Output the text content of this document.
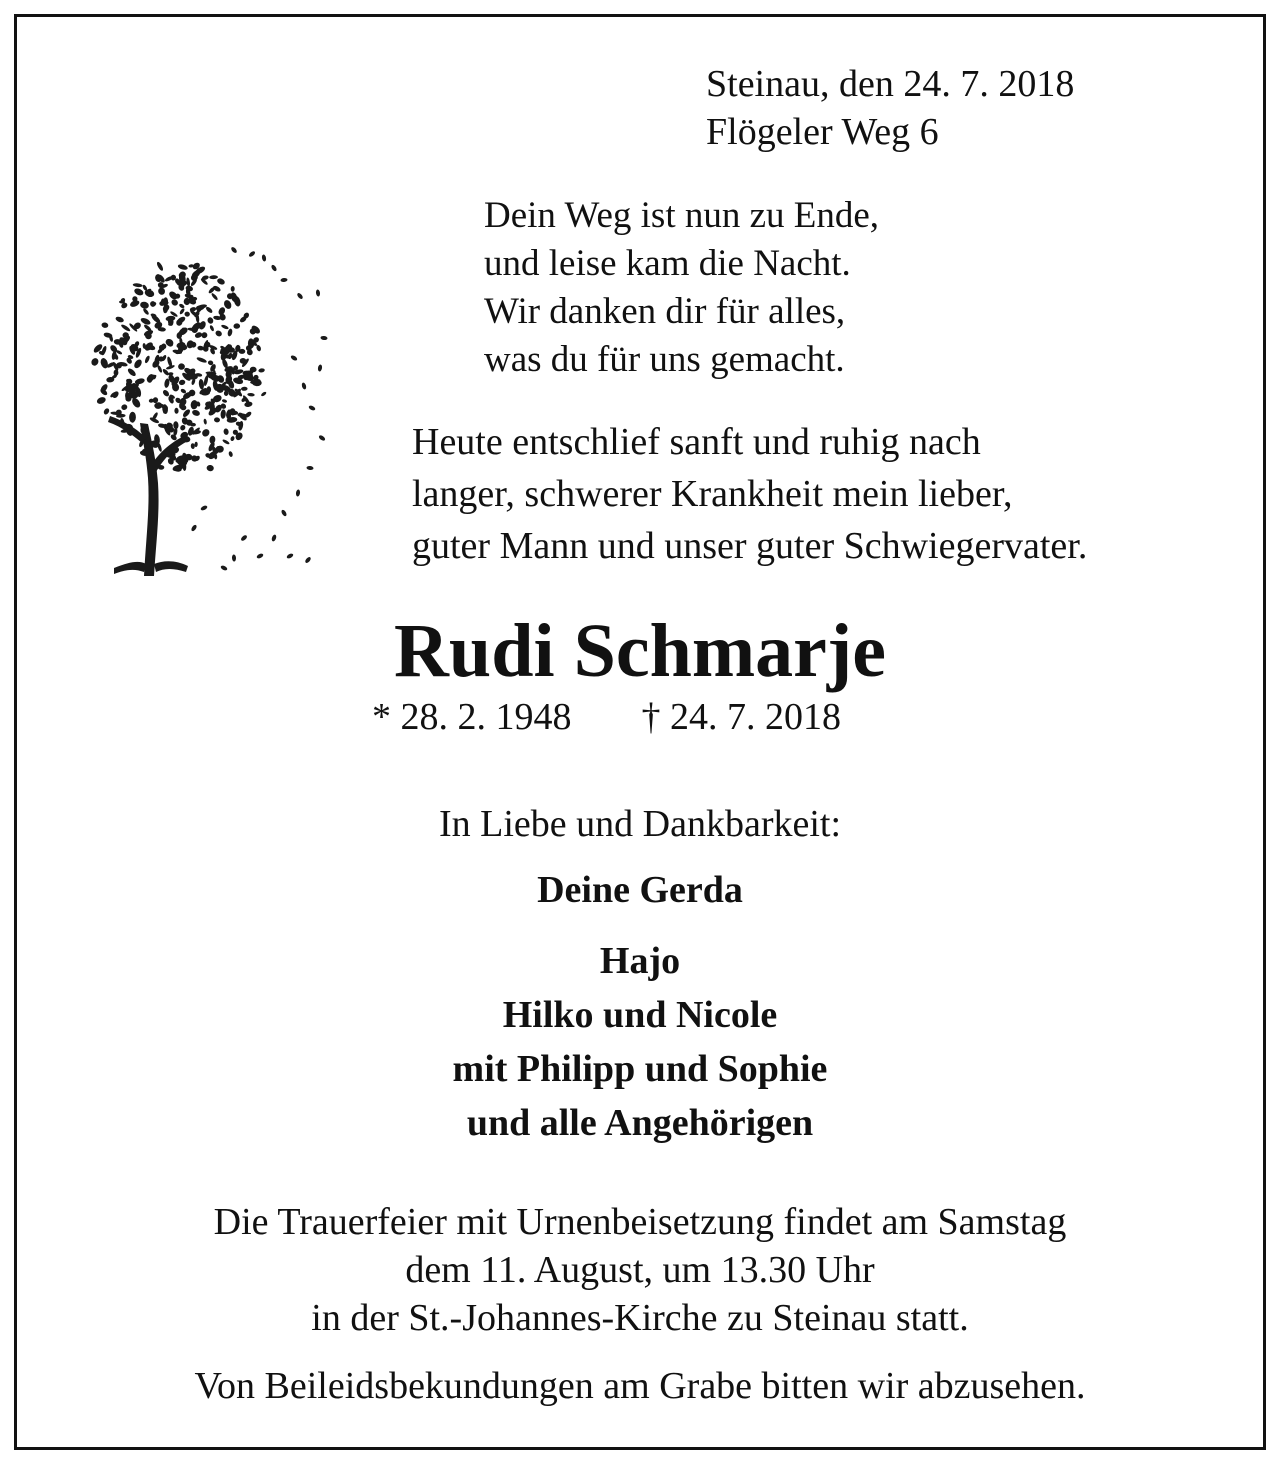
Steinau, den 24. 7. 2018
Flögeler Weg 6
Dein Weg ist nun zu Ende,
und leise kam die Nacht.
Wir danken dir für alles,
was du für uns gemacht.
Heute entschlief sanft und ruhig nach
langer, schwerer Krankheit mein lieber,
guter Mann und unser guter Schwiegervater.
Rudi Schmarje
* 28. 2. 1948 † 24. 7. 2018
In Liebe und Dankbarkeit:
Deine Gerda
Hajo
Hilko und Nicole
mit Philipp und Sophie
und alle Angehörigen
Die Trauerfeier mit Urnenbeisetzung findet am Samstag
dem 11. August, um 13.30 Uhr
in der St.-Johannes-Kirche zu Steinau statt.
Von Beileidsbekundungen am Grabe bitten wir abzusehen.
